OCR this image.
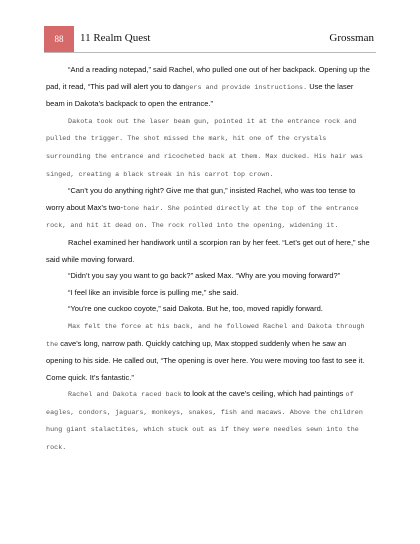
88	11 Realm Quest	Grossman

“And a reading notepad,” said Rachel, who pulled one out of her backpack. Opening up the pad, it read, “This pad will alert you to dangers and provide instructions. Use the laser beam in Dakota’s backpack to open the entrance.”

Dakota took out the laser beam gun, pointed it at the entrance rock and pulled the trigger. The shot missed the mark, hit one of the crystals surrounding the entrance and ricocheted back at them. Max ducked. His hair was singed, creating a black streak in his carrot top crown.

“Can’t you do anything right? Give me that gun,” insisted Rachel, who was too tense to worry about Max’s two-tone hair. She pointed directly at the top of the entrance rock, and hit it dead on. The rock rolled into the opening, widening it.

Rachel examined her handiwork until a scorpion ran by her feet. “Let’s get out of here,” she said while moving forward.

“Didn’t you say you want to go back?” asked Max. “Why are you moving forward?”

“I feel like an invisible force is pulling me,” she said.

“You’re one cuckoo coyote,” said Dakota. But he, too, moved rapidly forward.

Max felt the force at his back, and he followed Rachel and Dakota through the cave’s long, narrow path. Quickly catching up, Max stopped suddenly when he saw an opening to his side. He called out, “The opening is over here. You were moving too fast to see it. Come quick. It’s fantastic.”

Rachel and Dakota raced back to look at the cave’s ceiling, which had paintings of eagles, condors, jaguars, monkeys, snakes, fish and macaws. Above the children hung giant stalactites, which stuck out as if they were needles sewn into the rock.
